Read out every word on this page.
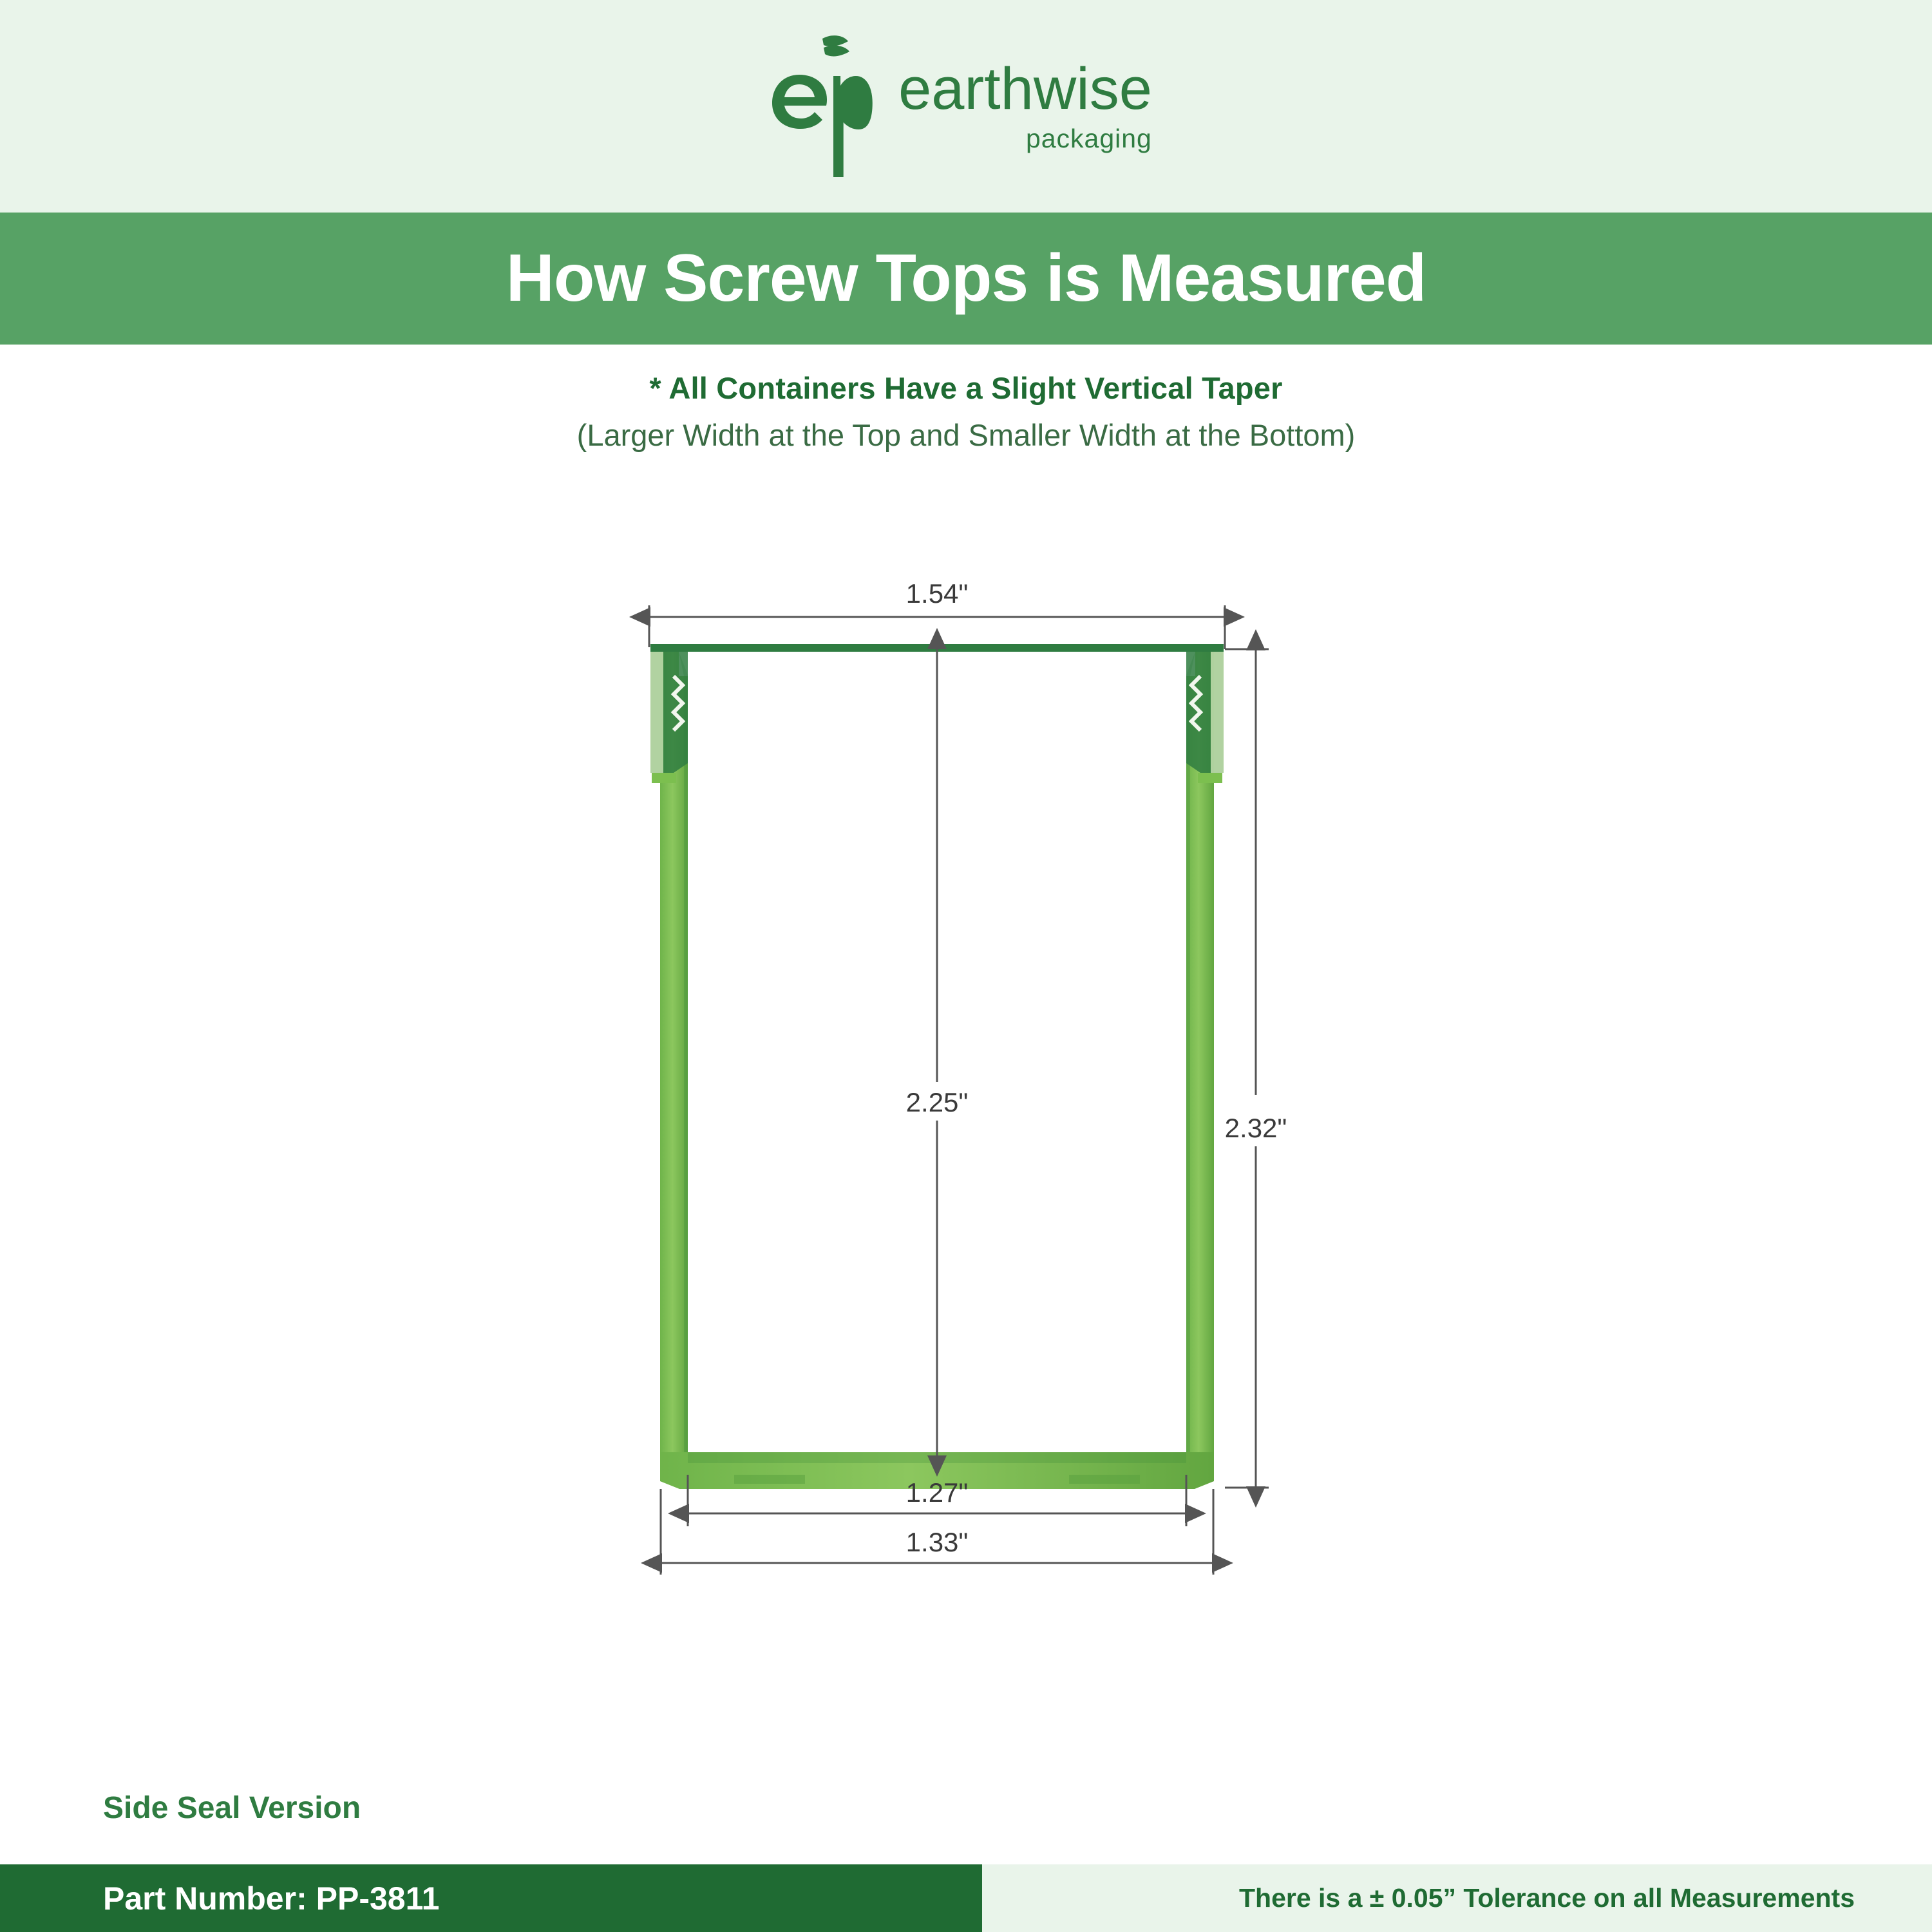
earthwise
packaging
How Screw Tops is Measured
* All Containers Have a Slight Vertical Taper
(Larger Width at the Top and Smaller Width at the Bottom)
1.54"
2.25"
2.32"
1.27"
1.33"
Side Seal Version
Part Number: PP-3811	There is a ± 0.05” Tolerance on all Measurements
